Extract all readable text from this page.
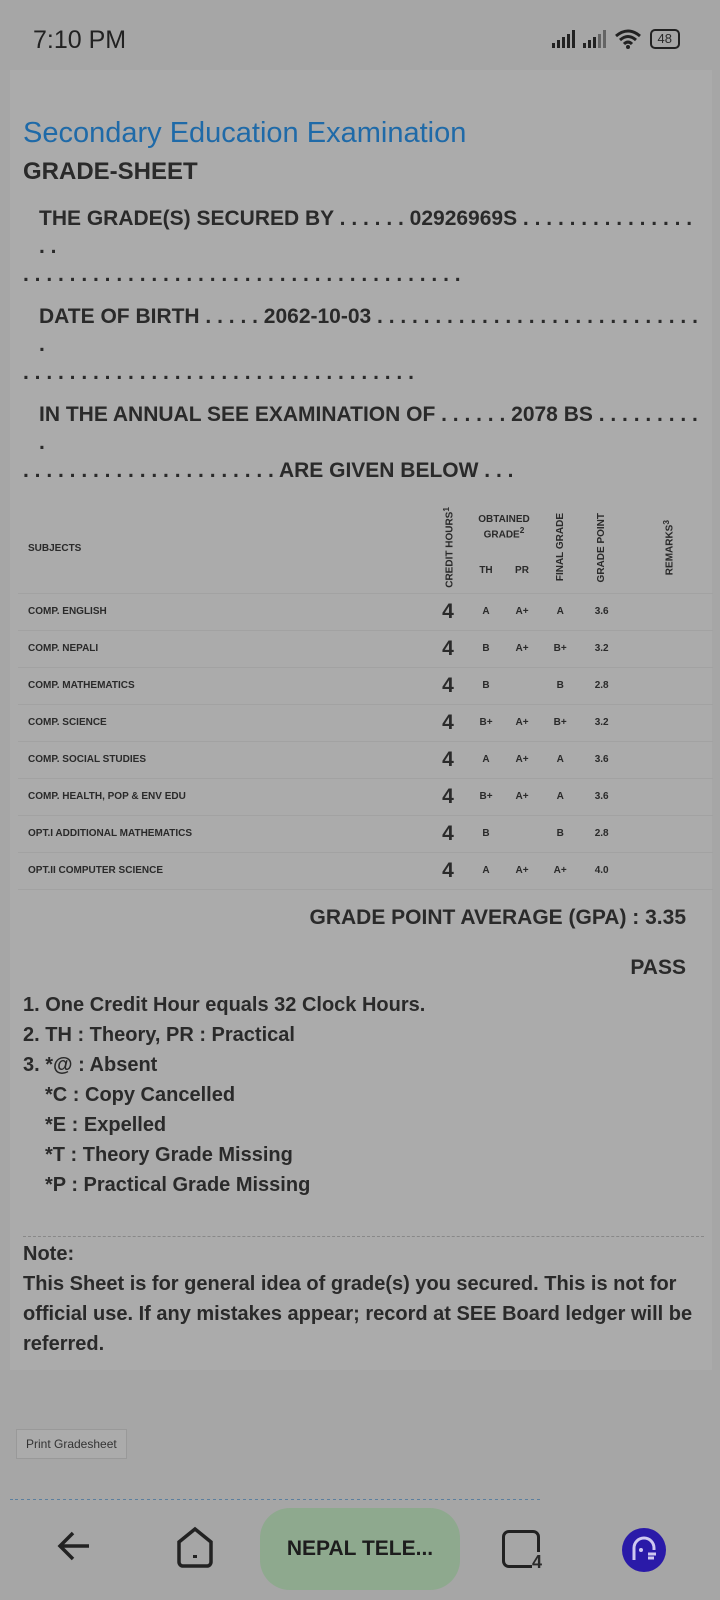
7:10 PM	48
Secondary Education Examination
GRADE-SHEET
THE GRADE(S) SECURED BY . . . . . . 02926969S . . . . . . . . . . . . . . . . .
. . . . . . . . . . . . . . . . . . . . . . . . . . . . . . . . . . . . . .
DATE OF BIRTH . . . . . 2062-10-03 . . . . . . . . . . . . . . . . . . . . . . . . . . . . .
. . . . . . . . . . . . . . . . . . . . . . . . . . . . . . . . . .
IN THE ANNUAL SEE EXAMINATION OF . . . . . . 2078 BS . . . . . . . . . .
. . . . . . . . . . . . . . . . . . . . . . ARE GIVEN BELOW . . .
SUBJECTS	CREDIT HOURS$^1$	OBTAINED GRADE$^2$		FINAL GRADE	GRADE POINT	REMARKS$^3$
		TH	PR			
COMP. ENGLISH	4	A	A+	A	3.6	
COMP. NEPALI	4	B	A+	B+	3.2	
COMP. MATHEMATICS	4	B		B	2.8	
COMP. SCIENCE	4	B+	A+	B+	3.2	
COMP. SOCIAL STUDIES	4	A	A+	A	3.6	
COMP. HEALTH, POP & ENV EDU	4	B+	A+	A	3.6	
OPT.I ADDITIONAL MATHEMATICS	4	B		B	2.8	
OPT.II COMPUTER SCIENCE	4	A	A+	A+	4.0	
GRADE POINT AVERAGE (GPA) : 3.35
PASS
1. One Credit Hour equals 32 Clock Hours.
2. TH : Theory, PR : Practical
3. *@ : Absent
*C : Copy Cancelled
*E : Expelled
*T : Theory Grade Missing
*P : Practical Grade Missing
Note:
This Sheet is for general idea of grade(s) you secured. This is not for official use. If any mistakes appear; record at SEE Board ledger will be referred.
Print Gradesheet
NEPAL TELE...
4
